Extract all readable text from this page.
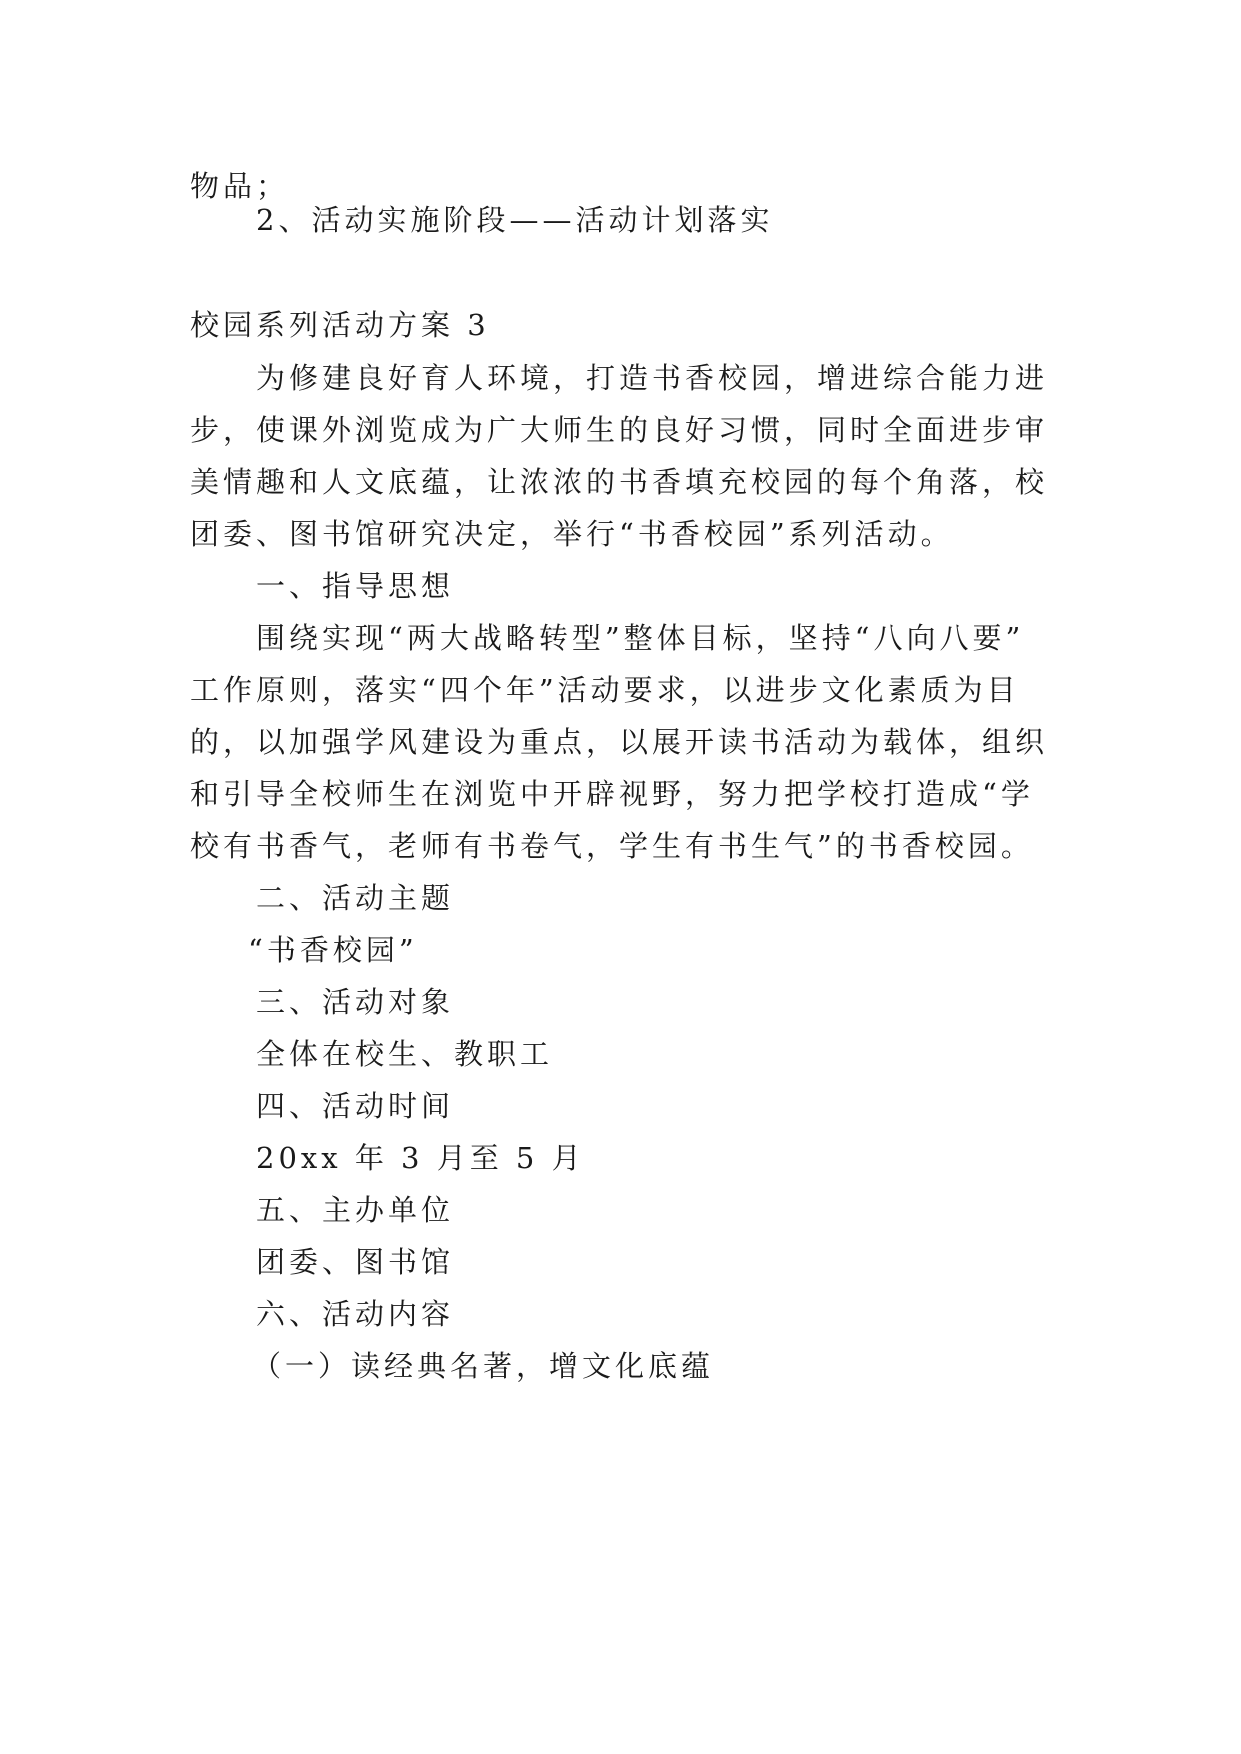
物品；
2、活动实施阶段——活动计划落实
校园系列活动方案 3
为修建良好育人环境，打造书香校园，增进综合能力进
步，使课外浏览成为广大师生的良好习惯，同时全面进步审
美情趣和人文底蕴，让浓浓的书香填充校园的每个角落，校
团委、图书馆研究决定，举行“书香校园”系列活动。
一、指导思想
围绕实现“两大战略转型”整体目标，坚持“八向八要”
工作原则，落实“四个年”活动要求，以进步文化素质为目
的，以加强学风建设为重点，以展开读书活动为载体，组织
和引导全校师生在浏览中开辟视野，努力把学校打造成“学
校有书香气，老师有书卷气，学生有书生气”的书香校园。
二、活动主题
“书香校园”
三、活动对象
全体在校生、教职工
四、活动时间
20xx 年 3 月至 5 月
五、主办单位
团委、图书馆
六、活动内容
（一）读经典名著，增文化底蕴
